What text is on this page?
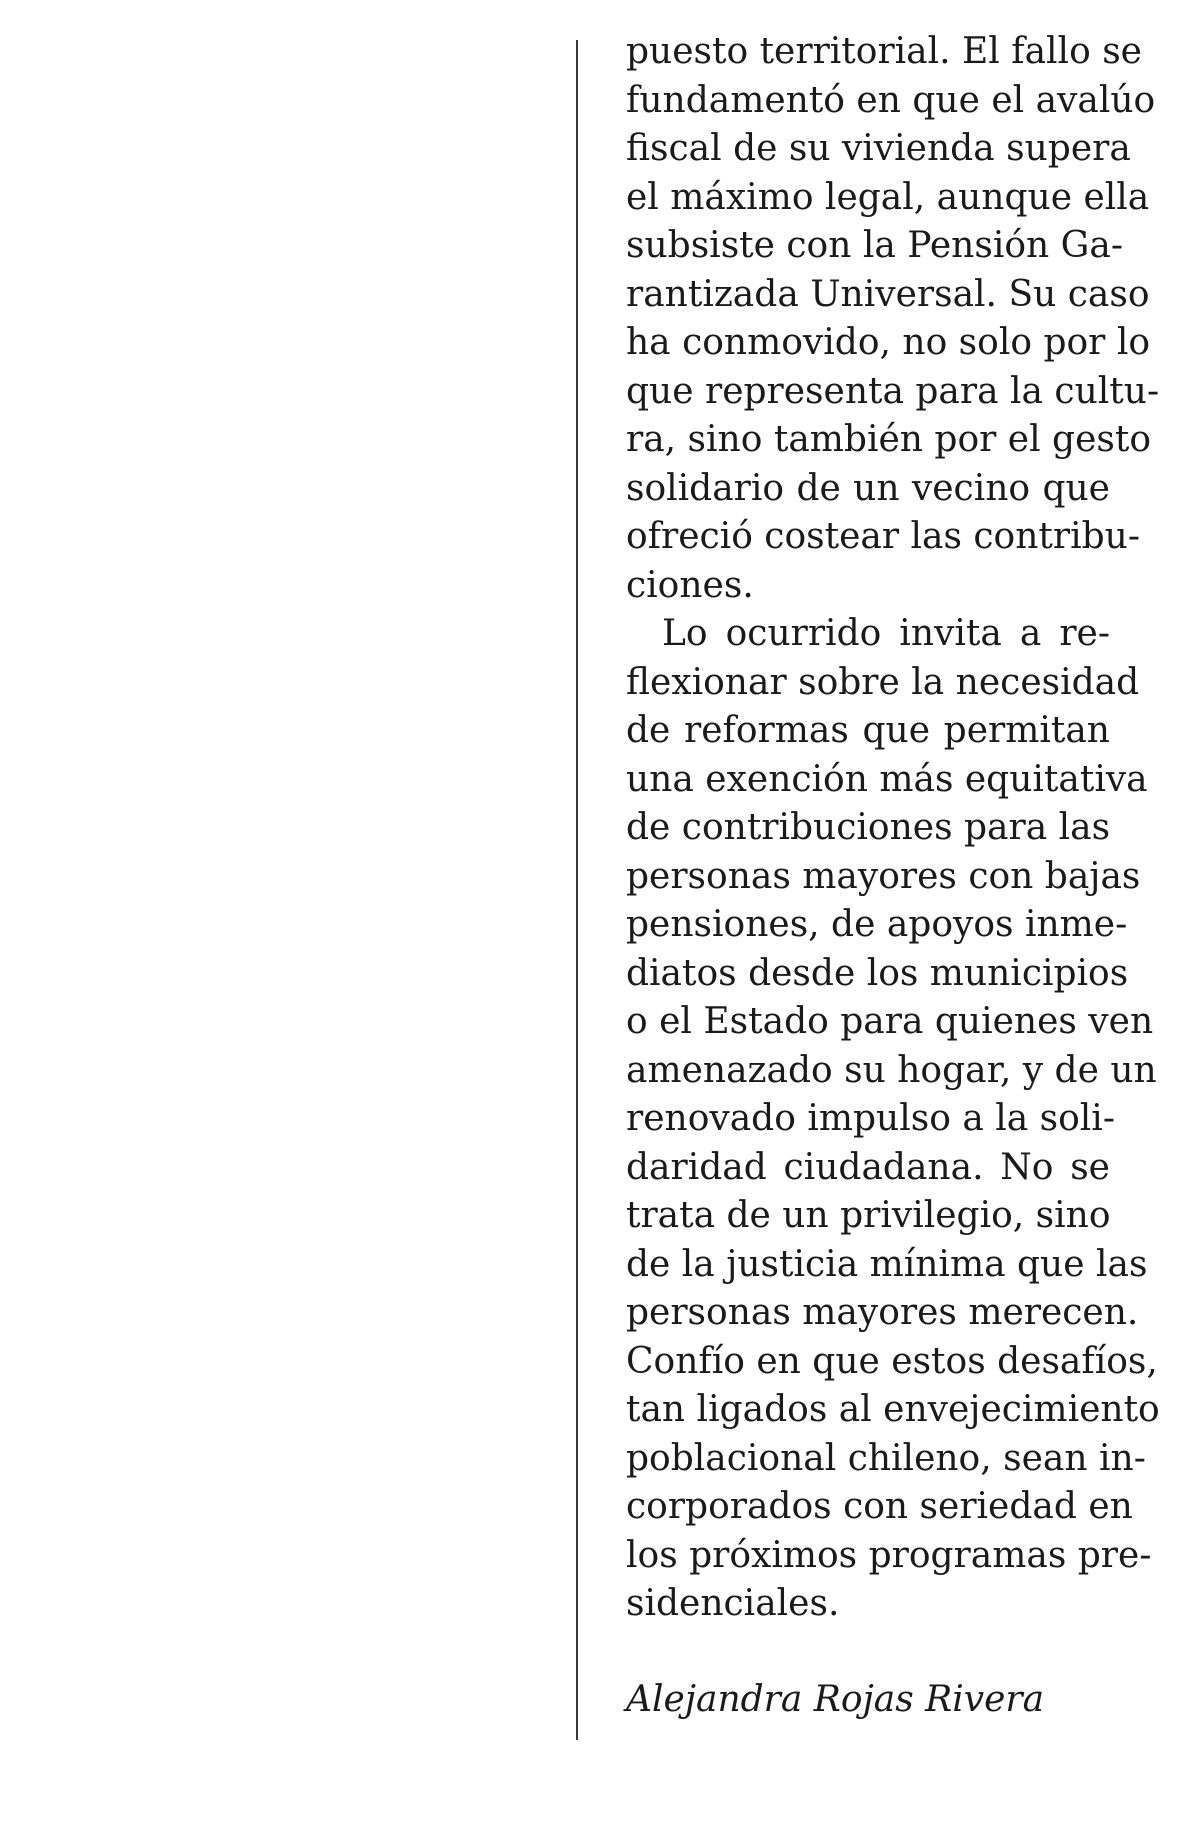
puesto territorial. El fallo se
fundamentó en que el avalúo
fiscal de su vivienda supera
el máximo legal, aunque ella
subsiste con la Pensión Ga-
rantizada Universal. Su caso
ha conmovido, no solo por lo
que representa para la cultu-
ra, sino también por el gesto
solidario de un vecino que
ofreció costear las contribu-
ciones.
Lo ocurrido invita a re-
flexionar sobre la necesidad
de reformas que permitan
una exención más equitativa
de contribuciones para las
personas mayores con bajas
pensiones, de apoyos inme-
diatos desde los municipios
o el Estado para quienes ven
amenazado su hogar, y de un
renovado impulso a la soli-
daridad ciudadana. No se
trata de un privilegio, sino
de la justicia mínima que las
personas mayores merecen.
Confío en que estos desafíos,
tan ligados al envejecimiento
poblacional chileno, sean in-
corporados con seriedad en
los próximos programas pre-
sidenciales.
Alejandra Rojas Rivera
